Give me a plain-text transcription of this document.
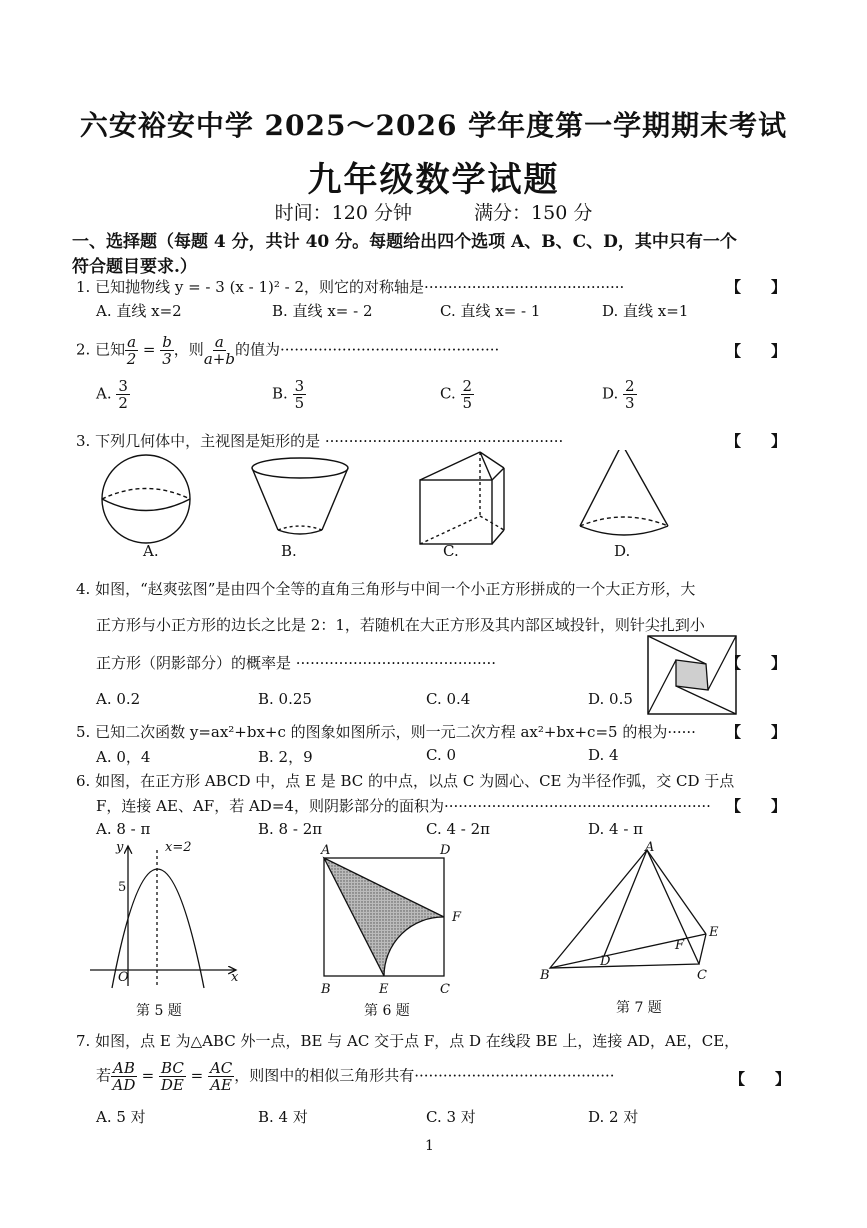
六安裕安中学 2025～2026 学年度第一学期期末考试
九年级数学试题
时间：120 分钟	满分：150 分
一、选择题（每题 4 分，共计 40 分。每题给出四个选项 A、B、C、D，其中只有一个
符合题目要求.）
1. 已知抛物线 y = - 3 (x - 1)² - 2，则它的对称轴是··········································	【　　】
A. 直线 x=2	B. 直线 x= - 2	C. 直线 x= - 1	D. 直线 x=1
2. 已知 $\frac{a}{2} = \frac{b}{3}$ ，则 $\frac{a}{a+b}$ 的值为··············································	【　　】
A. $\frac{3}{2}$	B. $\frac{3}{5}$	C. $\frac{2}{5}$	D. $\frac{2}{3}$
3. 下列几何体中，主视图是矩形的是 ··················································	【　　】
A.	B.	C.	D.
4. 如图，“赵爽弦图”是由四个全等的直角三角形与中间一个小正方形拼成的一个大正方形，大
正方形与小正方形的边长之比是 2：1，若随机在大正方形及其内部区域投针，则针尖扎到小
正方形（阴影部分）的概率是 ··········································	【　　】
A. 0.2	B. 0.25	C. 0.4	D. 0.5
5. 已知二次函数 y=ax²+bx+c 的图象如图所示，则一元二次方程 ax²+bx+c=5 的根为······ 【　　】
A. 0，4	B. 2，9	C. 0	D. 4
6. 如图，在正方形 ABCD 中，点 E 是 BC 的中点，以点 C 为圆心、CE 为半径作弧，交 CD 于点
F，连接 AE、AF，若 AD=4，则阴影部分的面积为························································ 【　　】
A. 8 - π	B. 8 - 2π	C. 4 - 2π	D. 4 - π
y
x
O
5
x=2
第 5 题
A	D
B	E	C
F
第 6 题
A
B	C
D
E
F
第 7 题
7. 如图，点 E 为△ABC 外一点，BE 与 AC 交于点 F，点 D 在线段 BE 上，连接 AD，AE，CE，
若 $\frac{AB}{AD} = \frac{BC}{DE} = \frac{AC}{AE}$ ，则图中的相似三角形共有··········································	【　　】
A. 5 对	B. 4 对	C. 3 对	D. 2 对
1
